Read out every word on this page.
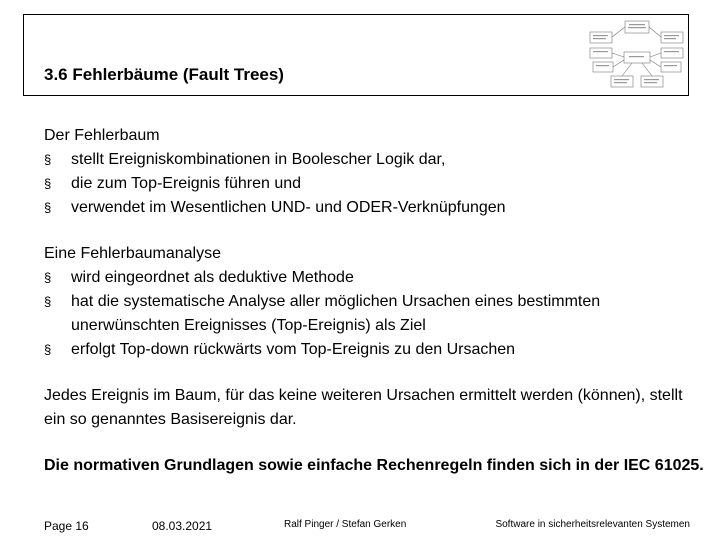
3.6 Fehlerbäume (Fault Trees)

Der Fehlerbaum

§ stellt Ereigniskombinationen in Boolescher Logik dar,

§ die zum Top-Ereignis führen und

§ verwendet im Wesentlichen UND- und ODER-Verknüpfungen

Eine Fehlerbaumanalyse

§ wird eingeordnet als deduktive Methode

§ hat die systematische Analyse aller möglichen Ursachen eines bestimmten unerwünschten Ereignisses (Top-Ereignis) als Ziel

§ erfolgt Top-down rückwärts vom Top-Ereignis zu den Ursachen

Jedes Ereignis im Baum, für das keine weiteren Ursachen ermittelt werden (können), stellt ein so genanntes Basisereignis dar.

Die normativen Grundlagen sowie einfache Rechenregeln finden sich in der IEC 61025.

Page 16	08.03.2021	Ralf Pinger / Stefan Gerken	Software in sicherheitsrelevanten Systemen
